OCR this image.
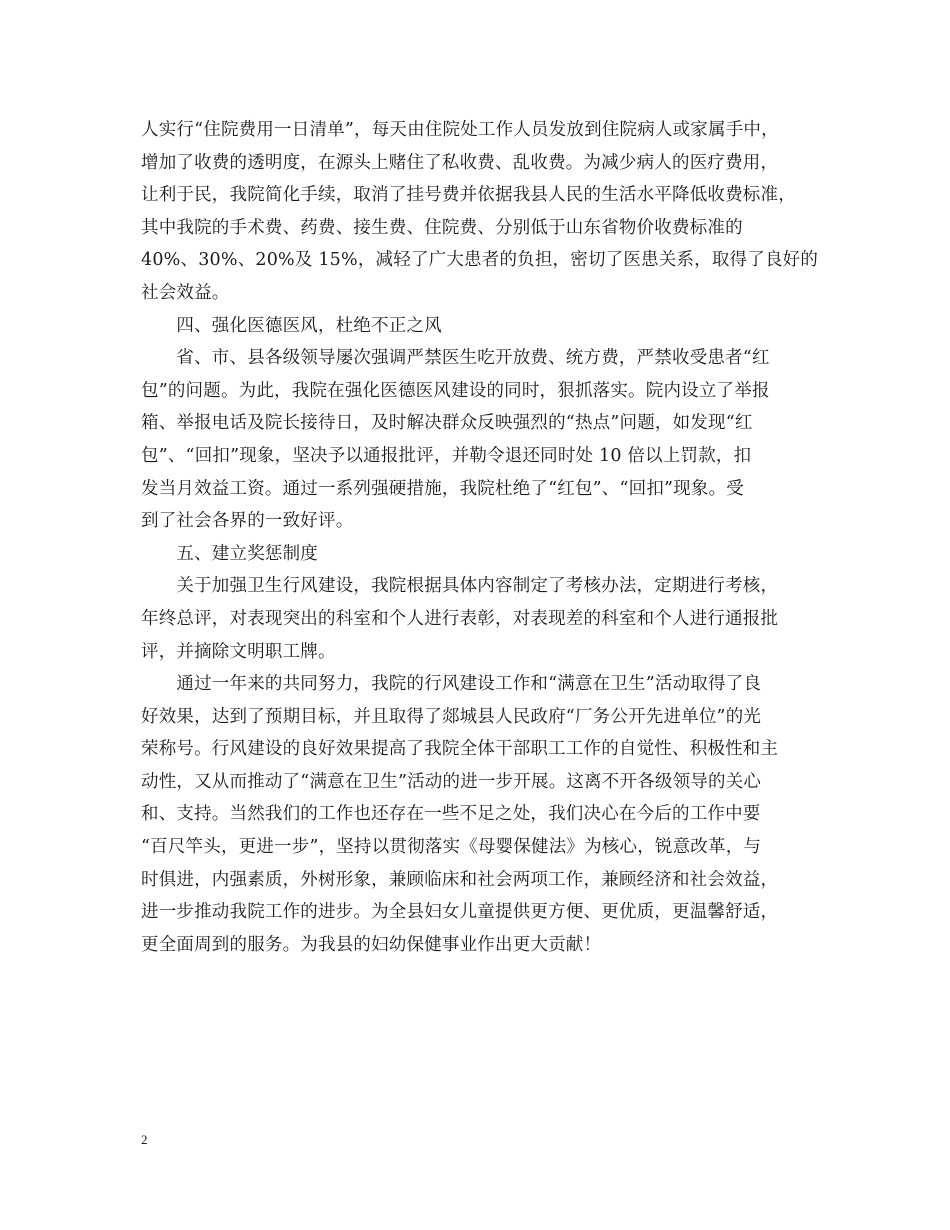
人实行“住院费用一日清单”，每天由住院处工作人员发放到住院病人或家属手中，
增加了收费的透明度，在源头上赌住了私收费、乱收费。为减少病人的医疗费用，
让利于民，我院简化手续，取消了挂号费并依据我县人民的生活水平降低收费标准，
其中我院的手术费、药费、接生费、住院费、分别低于山东省物价收费标准的
40%、30%、20%及 15%，减轻了广大患者的负担，密切了医患关系，取得了良好的
社会效益。
　　四、强化医德医风，杜绝不正之风
　　省、市、县各级领导屡次强调严禁医生吃开放费、统方费，严禁收受患者“红
包”的问题。为此，我院在强化医德医风建设的同时，狠抓落实。院内设立了举报
箱、举报电话及院长接待日，及时解决群众反映强烈的“热点”问题，如发现“红
包”、“回扣”现象，坚决予以通报批评，并勒令退还同时处 10 倍以上罚款，扣
发当月效益工资。通过一系列强硬措施，我院杜绝了“红包”、“回扣”现象。受
到了社会各界的一致好评。
　　五、建立奖惩制度
　　关于加强卫生行风建设，我院根据具体内容制定了考核办法，定期进行考核，
年终总评，对表现突出的科室和个人进行表彰，对表现差的科室和个人进行通报批
评，并摘除文明职工牌。
　　通过一年来的共同努力，我院的行风建设工作和“满意在卫生”活动取得了良
好效果，达到了预期目标，并且取得了郯城县人民政府“厂务公开先进单位”的光
荣称号。行风建设的良好效果提高了我院全体干部职工工作的自觉性、积极性和主
动性，又从而推动了“满意在卫生”活动的进一步开展。这离不开各级领导的关心
和、支持。当然我们的工作也还存在一些不足之处，我们决心在今后的工作中要
“百尺竿头，更进一步”，坚持以贯彻落实《母婴保健法》为核心，锐意改革，与
时俱进，内强素质，外树形象，兼顾临床和社会两项工作，兼顾经济和社会效益，
进一步推动我院工作的进步。为全县妇女儿童提供更方便、更优质，更温馨舒适，
更全面周到的服务。为我县的妇幼保健事业作出更大贡献！
2
